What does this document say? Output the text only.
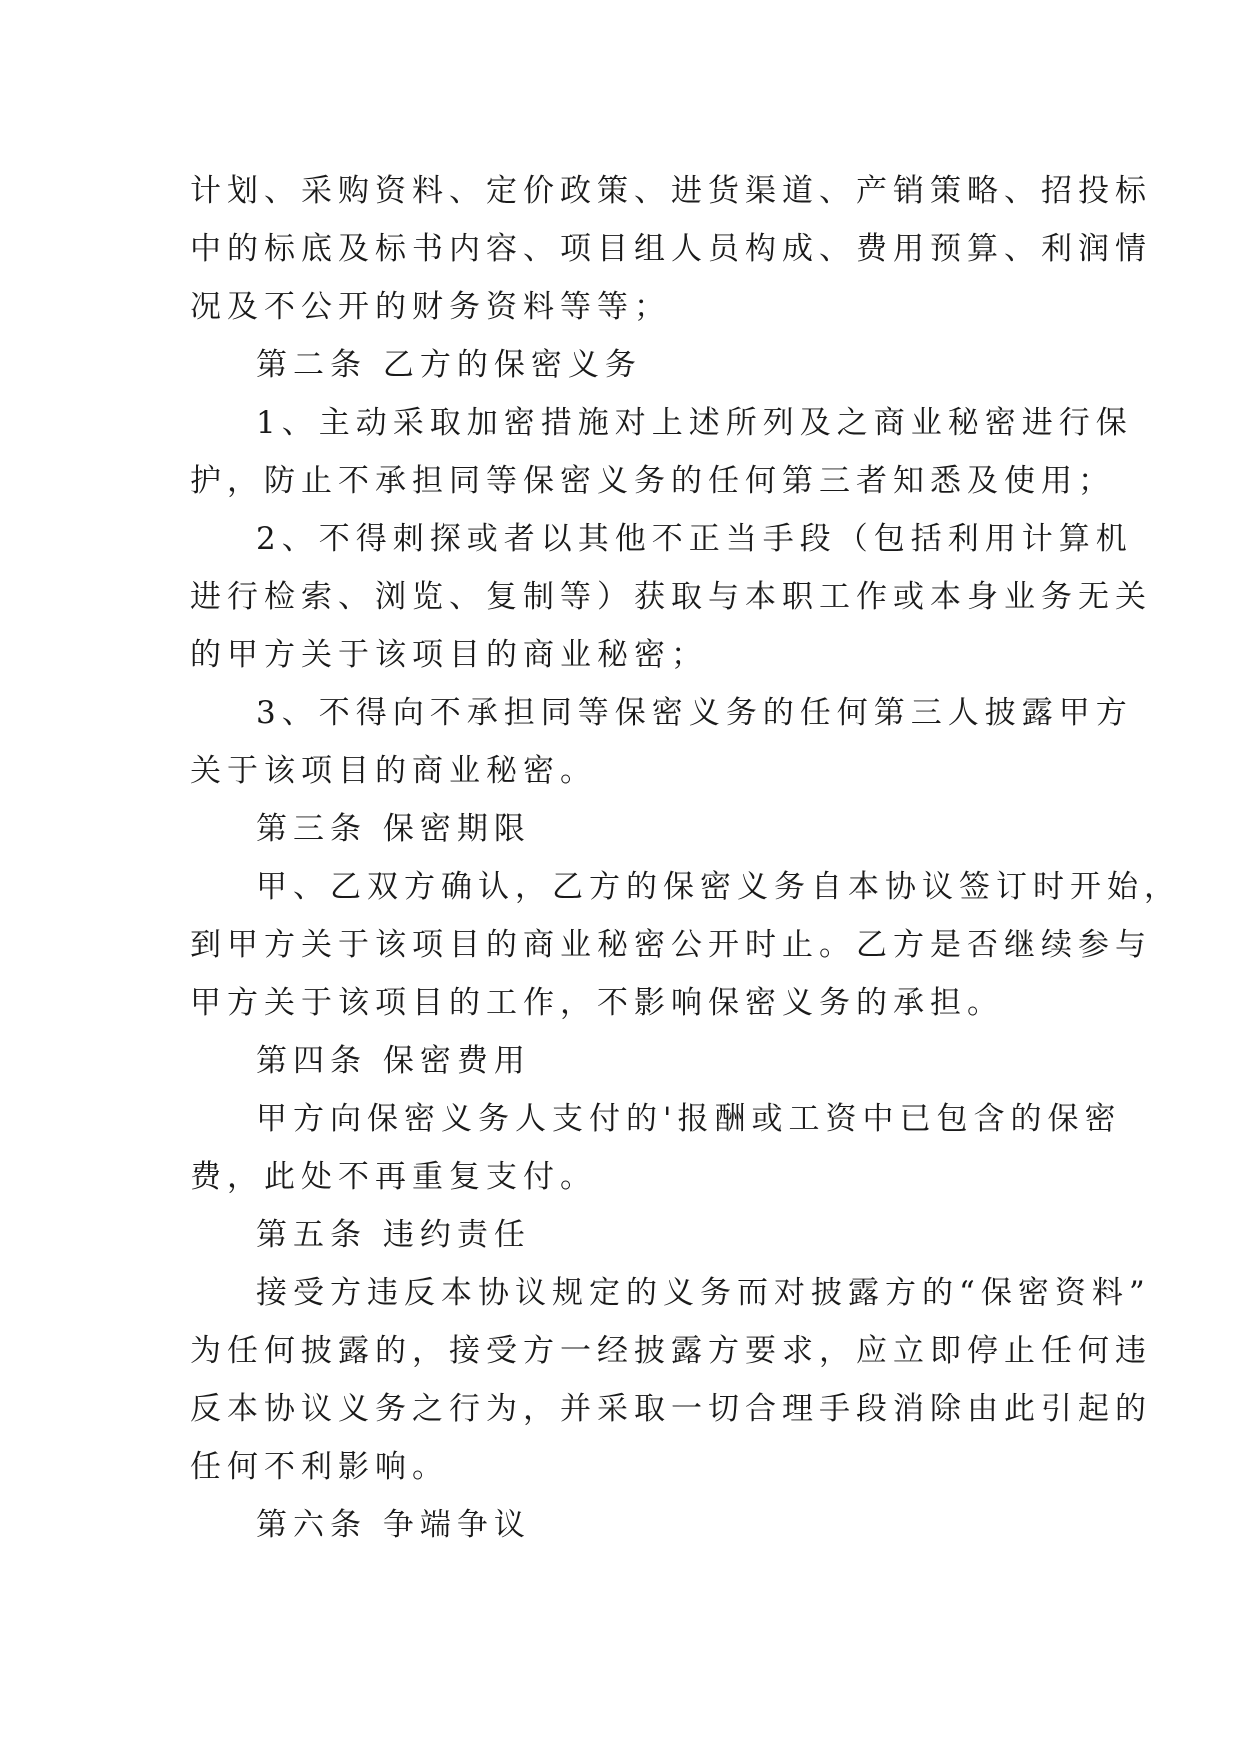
计划、采购资料、定价政策、进货渠道、产销策略、招投标
中的标底及标书内容、项目组人员构成、费用预算、利润情
况及不公开的财务资料等等；
第二条 乙方的保密义务
1、主动采取加密措施对上述所列及之商业秘密进行保
护，防止不承担同等保密义务的任何第三者知悉及使用；
2、不得刺探或者以其他不正当手段（包括利用计算机
进行检索、浏览、复制等）获取与本职工作或本身业务无关
的甲方关于该项目的商业秘密；
3、不得向不承担同等保密义务的任何第三人披露甲方
关于该项目的商业秘密。
第三条 保密期限
甲、乙双方确认，乙方的保密义务自本协议签订时开始，
到甲方关于该项目的商业秘密公开时止。乙方是否继续参与
甲方关于该项目的工作，不影响保密义务的承担。
第四条 保密费用
甲方向保密义务人支付的'报酬或工资中已包含的保密
费，此处不再重复支付。
第五条 违约责任
接受方违反本协议规定的义务而对披露方的“保密资料”
为任何披露的，接受方一经披露方要求，应立即停止任何违
反本协议义务之行为，并采取一切合理手段消除由此引起的
任何不利影响。
第六条 争端争议
